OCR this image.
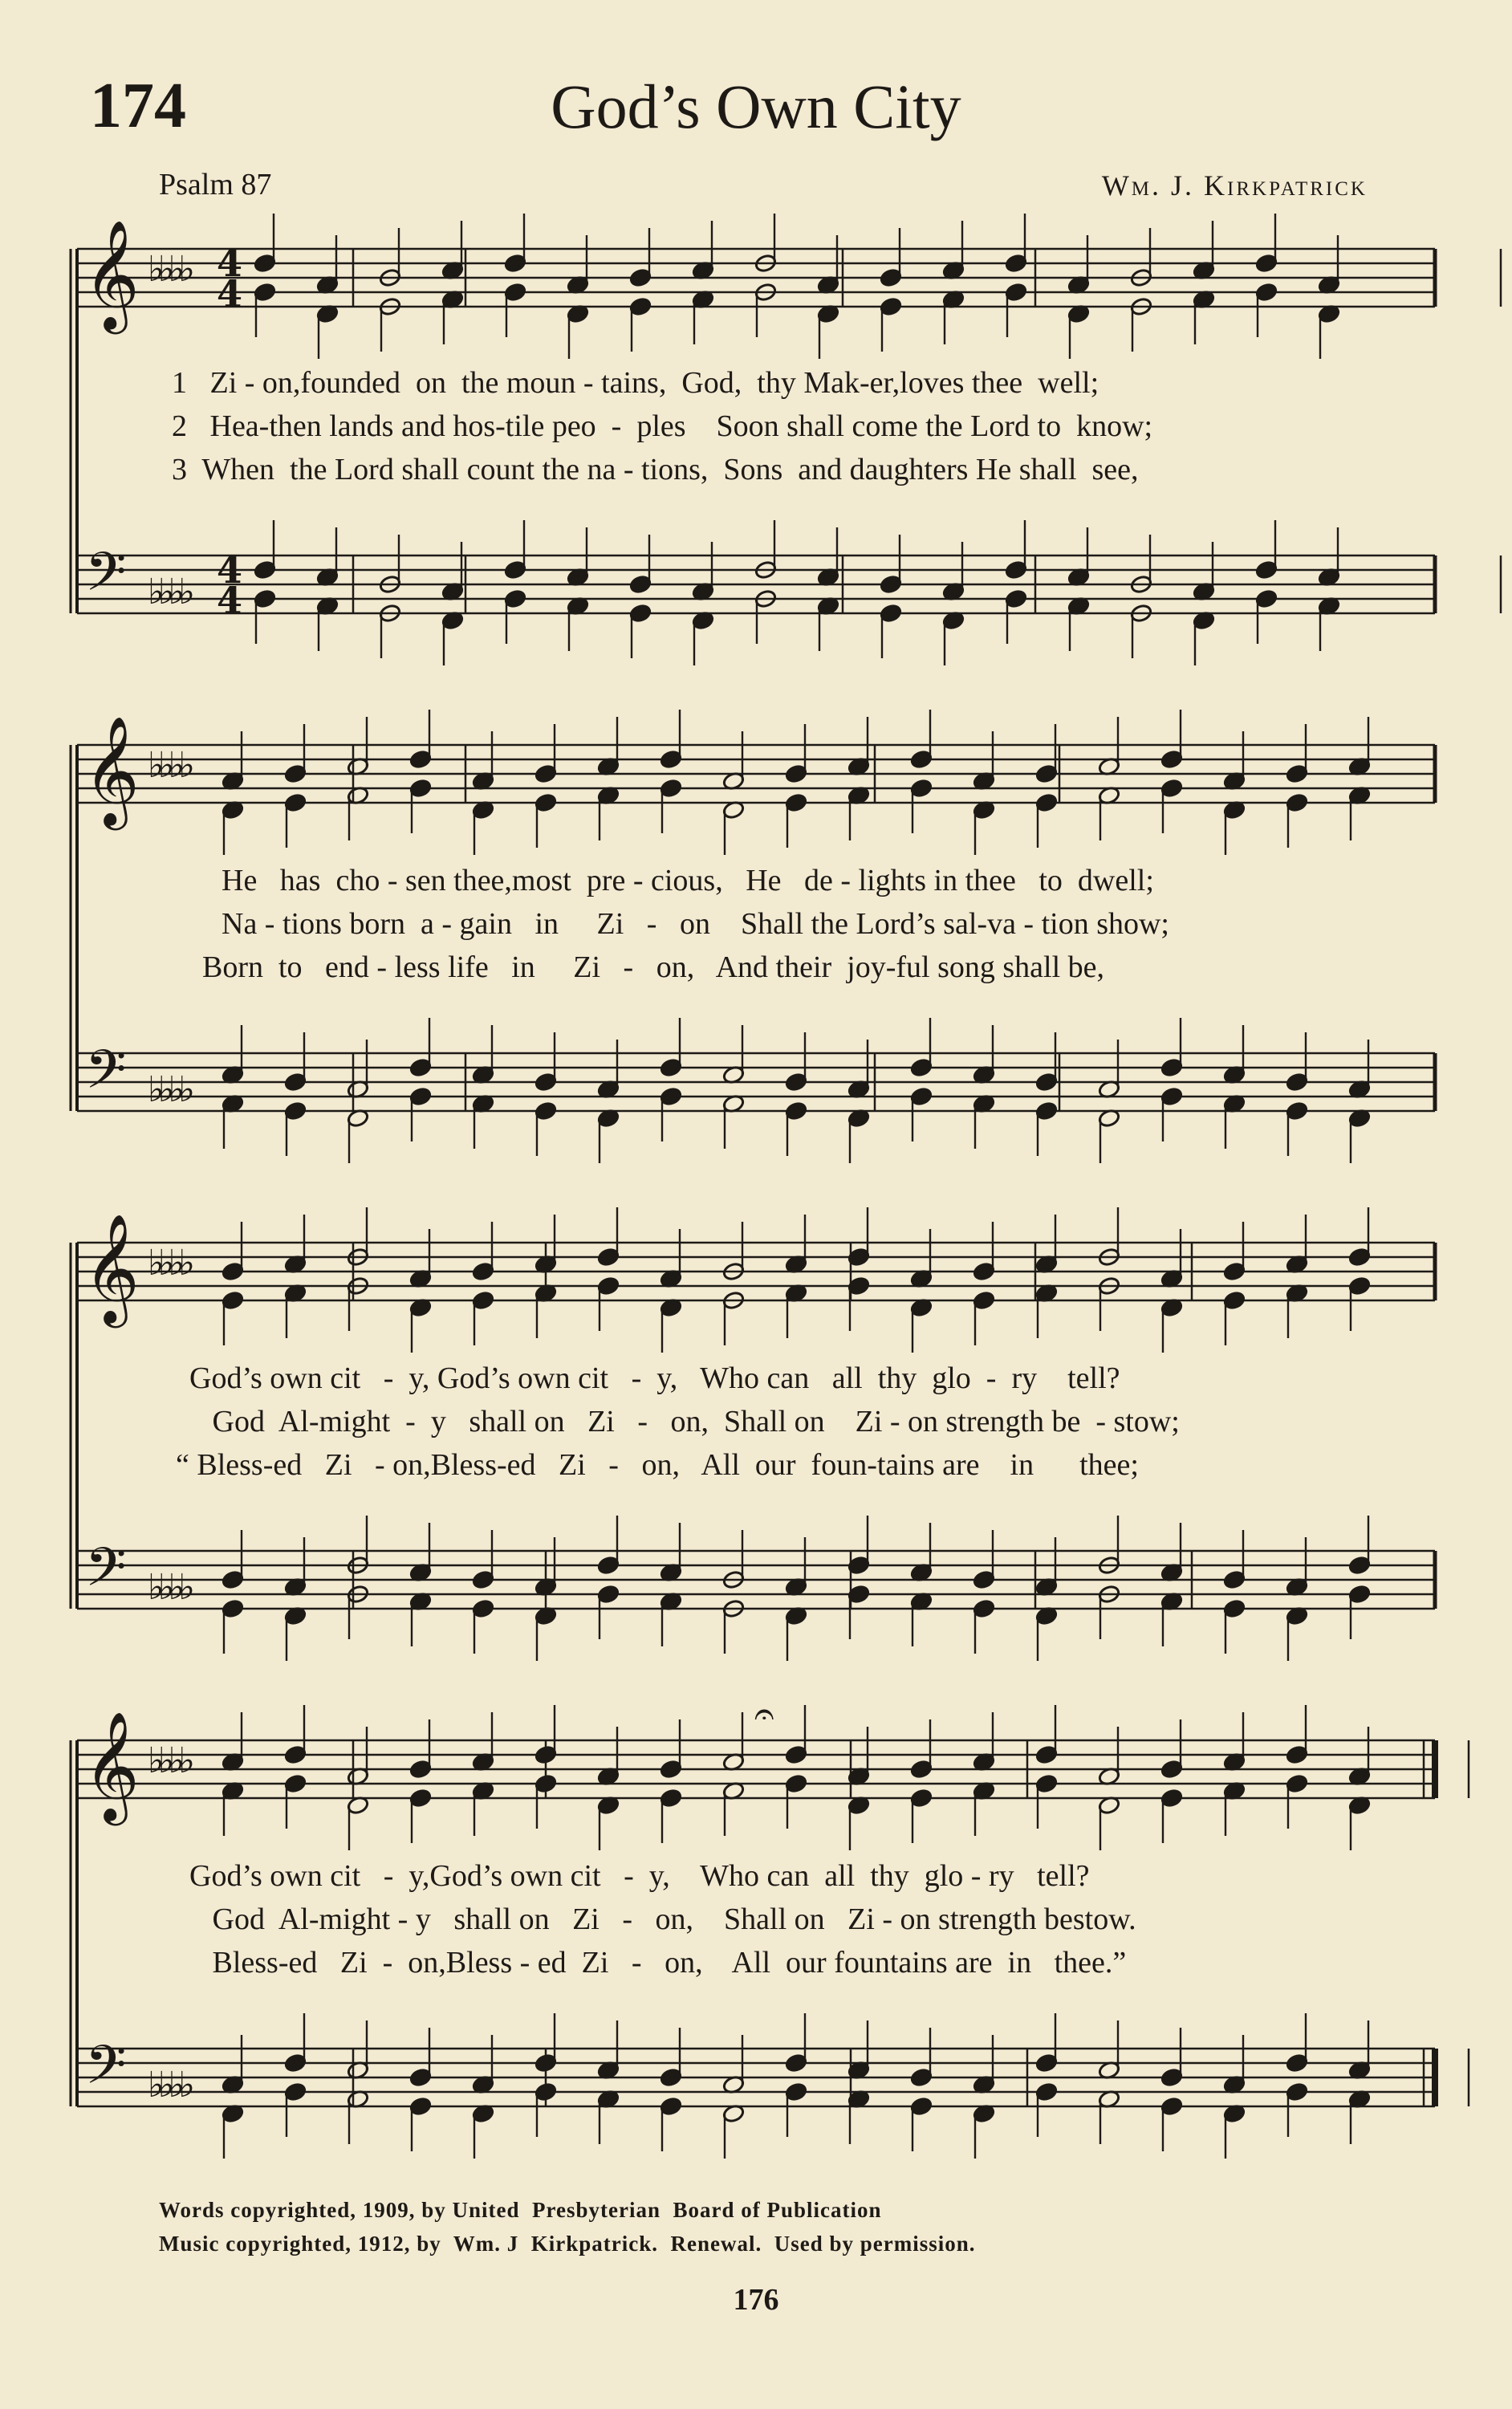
174	God’s Own City
Psalm 87	Wm. J. Kirkpatrick
𝄞
𝄢
♭♭♭♭
♭♭♭♭
4
4
4
4
𝄞
𝄢
♭♭♭♭
♭♭♭♭
𝄞
𝄢
♭♭♭♭
♭♭♭♭
𝄞
𝄢
♭♭♭♭
♭♭♭♭
𝄐
1   Zi - on,founded  on  the moun - tains,  God,  thy Mak-er,loves thee  well;
2   Hea-then lands and hos-tile peo  -  ples    Soon shall come the Lord to  know;
3  When  the Lord shall count the na - tions,  Sons  and daughters He shall  see,
He   has  cho - sen thee,most  pre - cious,   He   de - lights in thee   to  dwell;
Na - tions born  a - gain   in     Zi   -   on    Shall the Lord’s sal-va - tion show;
Born  to   end - less life   in     Zi   -   on,   And their  joy-ful song shall be,
God’s own cit   -  y, God’s own cit   -  y,   Who can   all  thy  glo  -  ry    tell?
God  Al-might  -  y   shall on   Zi   -   on,  Shall on    Zi - on strength be  - stow;
“ Bless-ed   Zi   - on,Bless-ed   Zi   -   on,   All  our  foun-tains are    in      thee;
God’s own cit   -  y,God’s own cit   -  y,    Who can  all  thy  glo - ry   tell?
God  Al-might - y   shall on   Zi   -   on,    Shall on   Zi - on strength bestow.
Bless-ed   Zi  -  on,Bless - ed  Zi   -   on,    All  our fountains are  in   thee.”
Words copyrighted, 1909, by United  Presbyterian  Board of Publication
Music copyrighted, 1912, by  Wm. J  Kirkpatrick.  Renewal.  Used by permission.
176
